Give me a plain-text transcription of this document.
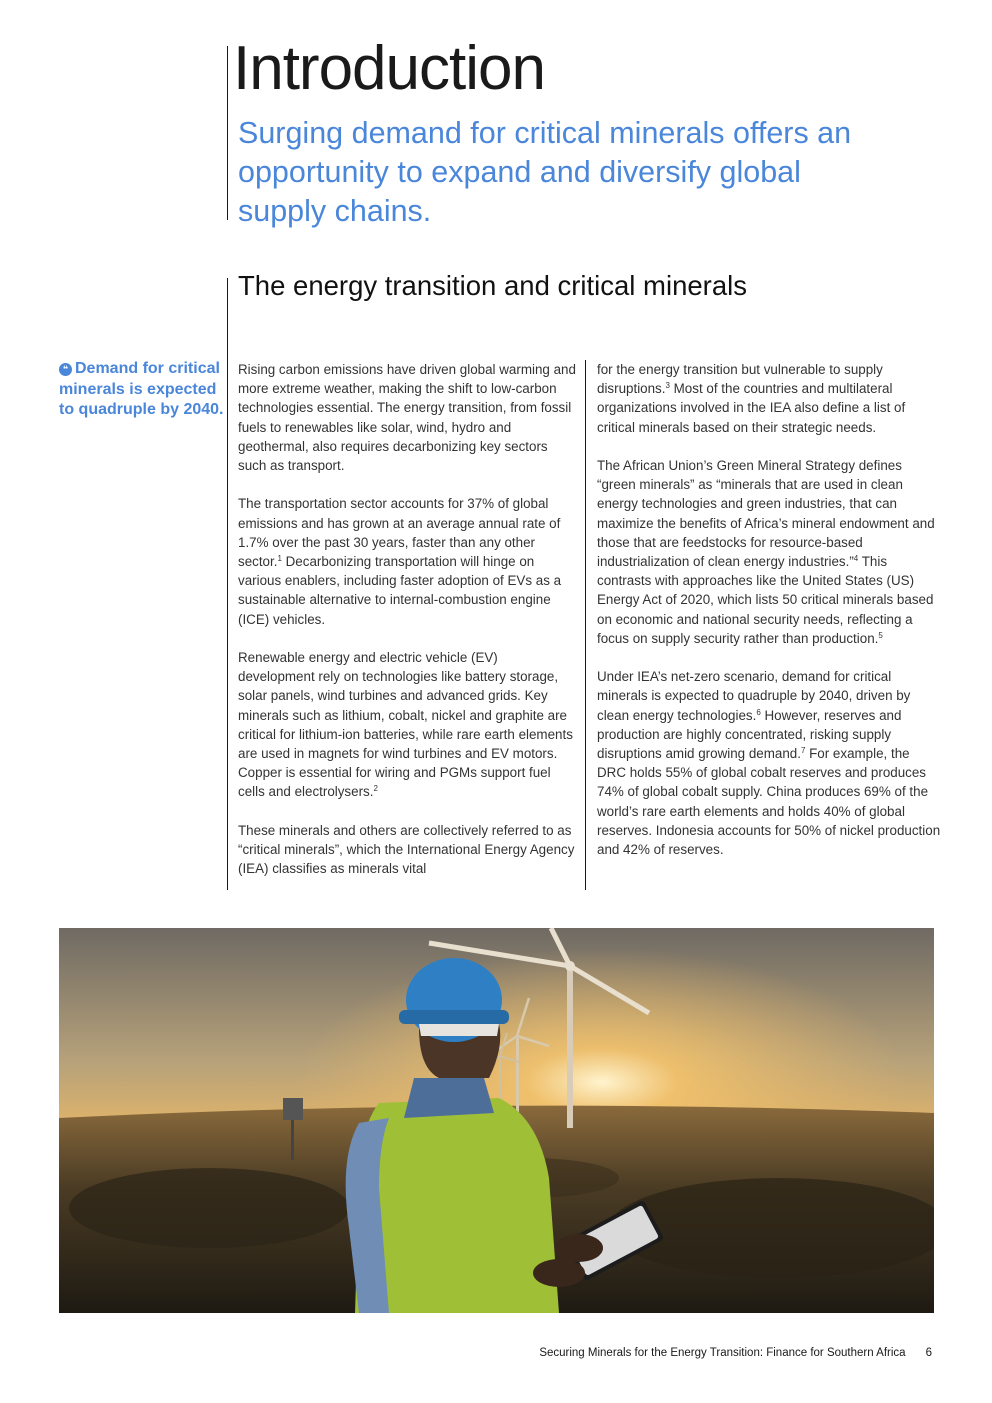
Introduction
Surging demand for critical minerals offers an opportunity to expand and diversify global supply chains.
The energy transition and critical minerals
❝ Demand for critical minerals is expected to quadruple by 2040.

Rising carbon emissions have driven global warming and more extreme weather, making the shift to low-carbon technologies essential. The energy transition, from fossil fuels to renewables like solar, wind, hydro and geothermal, also requires decarbonizing key sectors such as transport.

The transportation sector accounts for 37% of global emissions and has grown at an average annual rate of 1.7% over the past 30 years, faster than any other sector.$^1$ Decarbonizing transportation will hinge on various enablers, including faster adoption of EVs as a sustainable alternative to internal-combustion engine (ICE) vehicles.

Renewable energy and electric vehicle (EV) development rely on technologies like battery storage, solar panels, wind turbines and advanced grids. Key minerals such as lithium, cobalt, nickel and graphite are critical for lithium-ion batteries, while rare earth elements are used in magnets for wind turbines and EV motors. Copper is essential for wiring and PGMs support fuel cells and electrolysers.$^2$

These minerals and others are collectively referred to as “critical minerals”, which the International Energy Agency (IEA) classifies as minerals vital

for the energy transition but vulnerable to supply disruptions.$^3$ Most of the countries and multilateral organizations involved in the IEA also define a list of critical minerals based on their strategic needs.

The African Union’s Green Mineral Strategy defines “green minerals” as “minerals that are used in clean energy technologies and green industries, that can maximize the benefits of Africa’s mineral endowment and those that are feedstocks for resource-based industrialization of clean energy industries.”$^4$ This contrasts with approaches like the United States (US) Energy Act of 2020, which lists 50 critical minerals based on economic and national security needs, reflecting a focus on supply security rather than production.$^5$

Under IEA’s net-zero scenario, demand for critical minerals is expected to quadruple by 2040, driven by clean energy technologies.$^6$ However, reserves and production are highly concentrated, risking supply disruptions amid growing demand.$^7$ For example, the DRC holds 55% of global cobalt reserves and produces 74% of global cobalt supply. China produces 69% of the world’s rare earth elements and holds 40% of global reserves. Indonesia accounts for 50% of nickel production and 42% of reserves.

Securing Minerals for the Energy Transition: Finance for Southern Africa 6
